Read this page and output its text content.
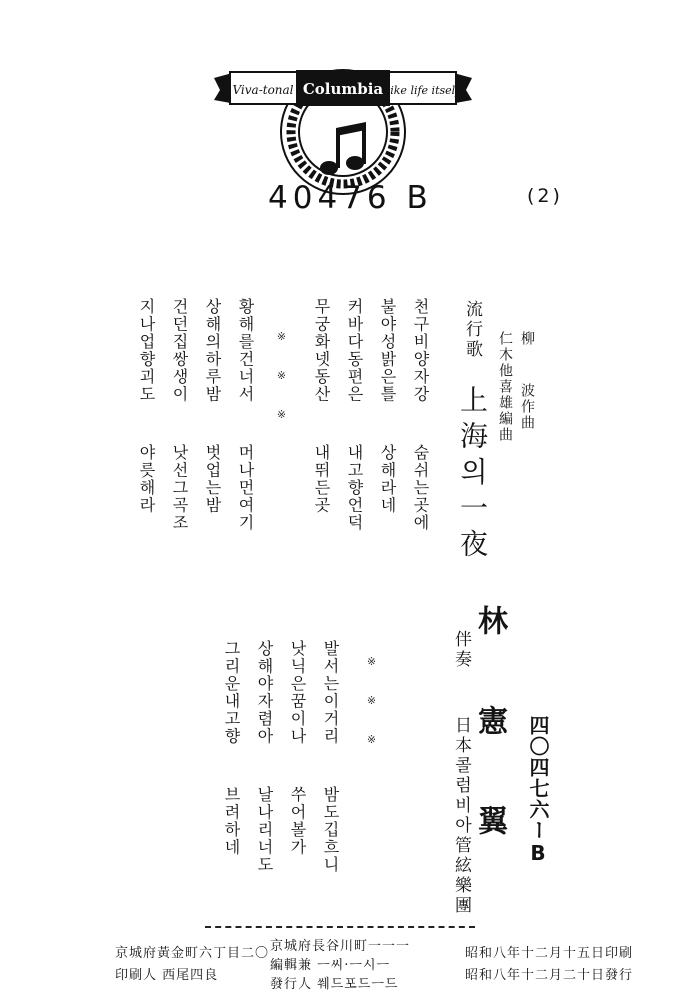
Viva-tonal Columbia like life itself
40476 B	(2)

柳  波作曲

仁木他喜雄編曲

流行歌
上海의一夜
천구비양자강  숨쉬는곳에
불야성밝은틀  상해라네
커바다동편은  내고향언덕
무궁화넷동산  내뛰든곳
※  ※  ※
황해를건너서  머나먼여기
상해의하루밤  벗업는밤
건던집쌍생이  낫선그곡조
지나업향괴도  야릇해라
林  憲  翼
伴奏  日本콜럼비아管絃樂團	四〇四七六ーB
※  ※  ※
발서는이거리  밤도깁흐니
낫닉은꿈이나  쑤어볼가
상해야자렴아  날나리너도
그리운내고향  브려하네
昭和八年十二月十五日印刷
昭和八年十二月二十日發行
京城府長谷川町一一一
編輯兼 ㅡ씨·ㅡ시ㅡ
發行人 쒜드포드ㅡ드
京城府黃金町六丁目二〇
印刷人 西尾四良
